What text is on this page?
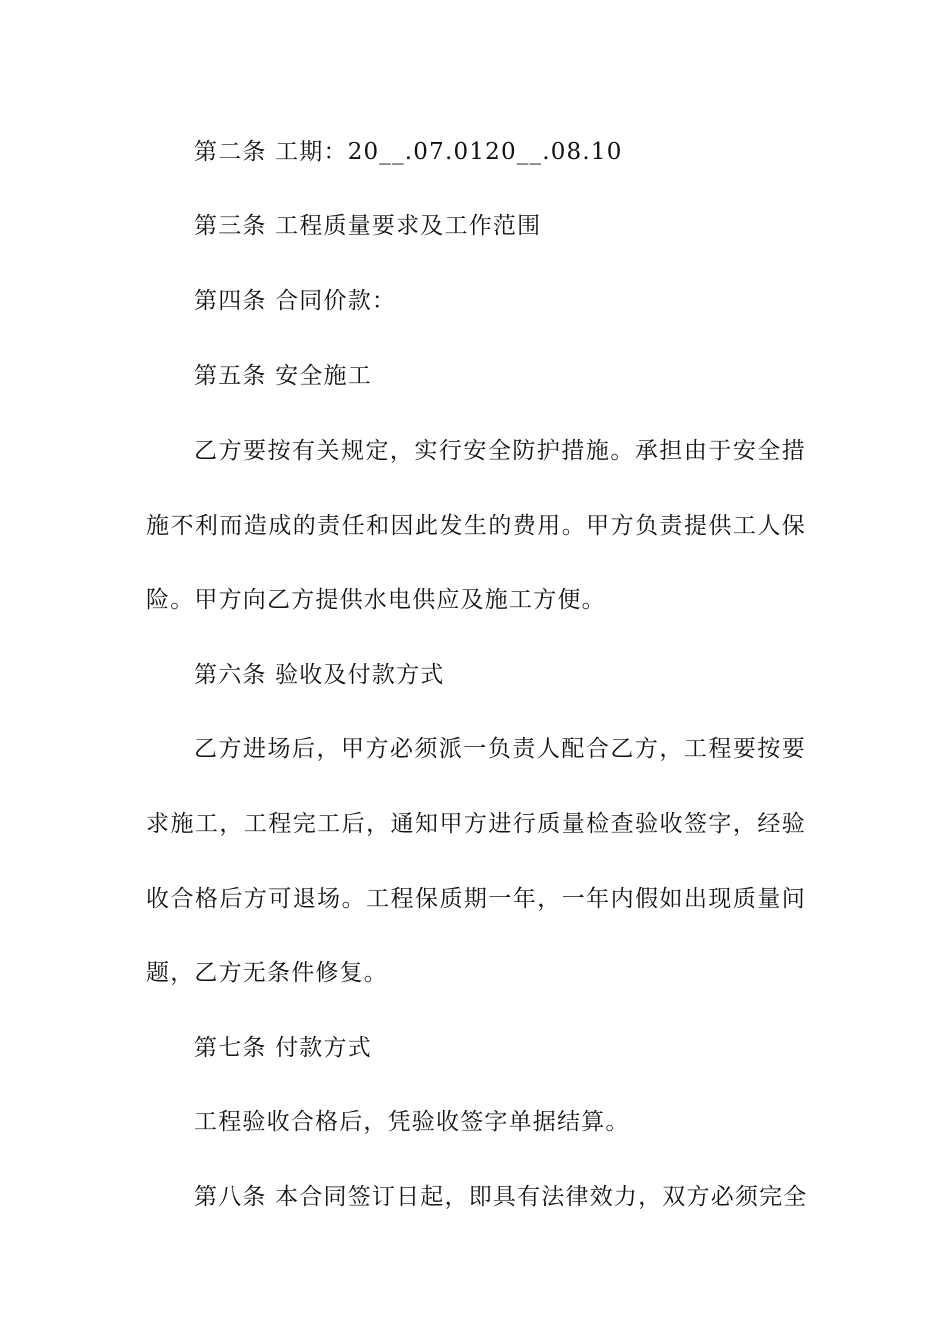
第二条 工期：20__.07.0120__.08.10
第三条 工程质量要求及工作范围
第四条 合同价款：
第五条 安全施工
乙方要按有关规定，实行安全防护措施。承担由于安全措
施不利而造成的责任和因此发生的费用。甲方负责提供工人保
险。甲方向乙方提供水电供应及施工方便。
第六条 验收及付款方式
乙方进场后，甲方必须派一负责人配合乙方，工程要按要
求施工，工程完工后，通知甲方进行质量检查验收签字，经验
收合格后方可退场。工程保质期一年，一年内假如出现质量问
题，乙方无条件修复。
第七条 付款方式
工程验收合格后，凭验收签字单据结算。
第八条 本合同签订日起，即具有法律效力，双方必须完全
